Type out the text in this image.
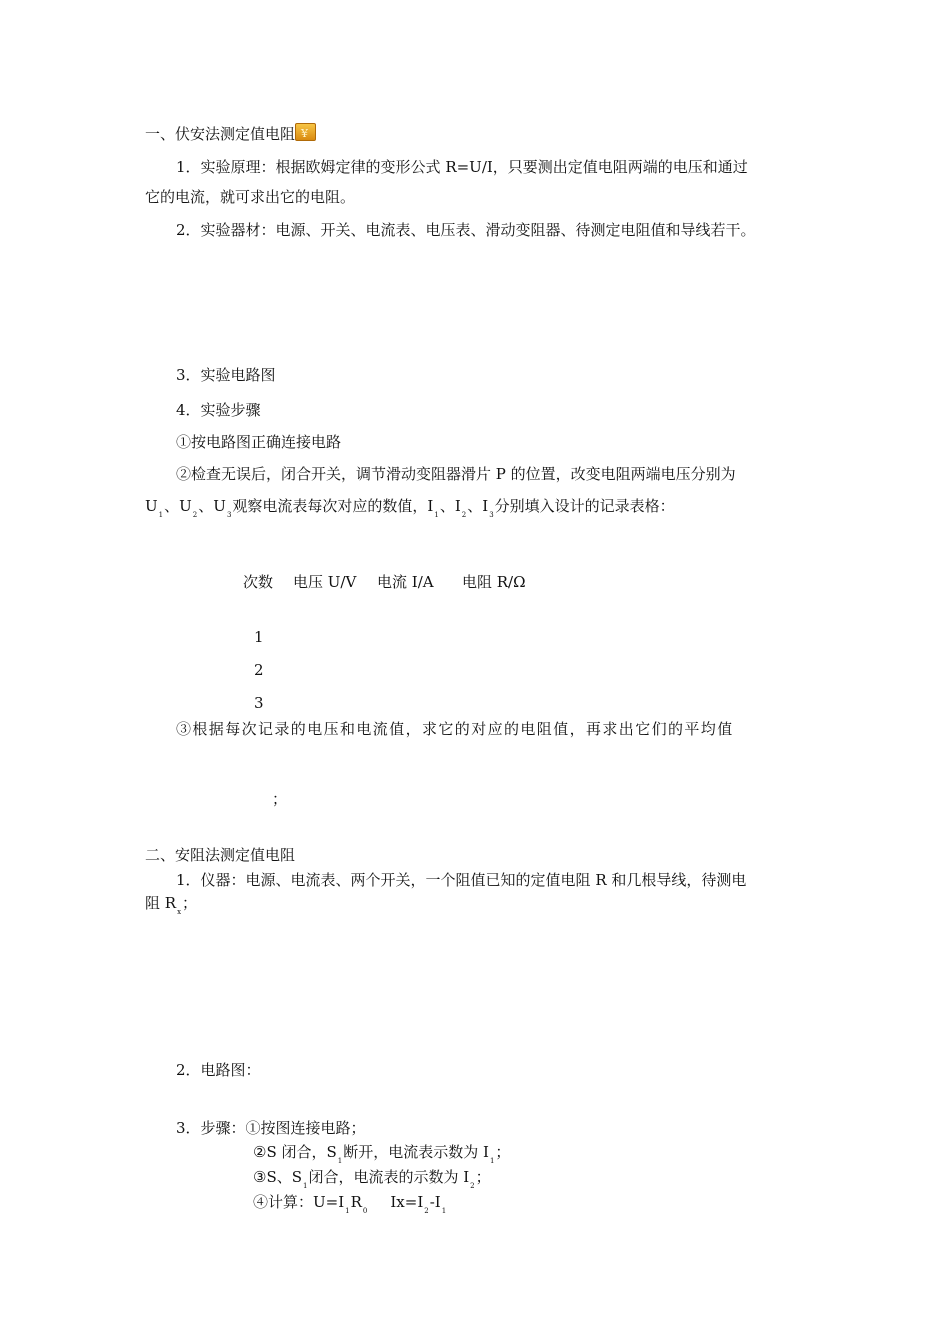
一、伏安法测定值电阻 ¥
1．实验原理：根据欧姆定律的变形公式 R=U/I，只要测出定值电阻两端的电压和通过
它的电流，就可求出它的电阻。
2．实验器材：电源、开关、电流表、电压表、滑动变阻器、待测定电阻值和导线若干。
3．实验电路图
4．实验步骤
①按电路图正确连接电路
②检查无误后，闭合开关，调节滑动变阻器滑片 P 的位置，改变电阻两端电压分别为
$U_1$、$U_2$、$U_3$观察电流表每次对应的数值，$I_1$、$I_2$、$I_3$分别填入设计的记录表格：
次数 电压 U/V 电流 I/A 电阻 R/Ω
1
2
3
③根据每次记录的电压和电流值，求它的对应的电阻值，再求出它们的平均值
；
二、安阻法测定值电阻
1．仪器：电源、电流表、两个开关，一个阻值已知的定值电阻 R 和几根导线，待测电
阻 $R_x$；
2．电路图：
3．步骤：①按图连接电路；
②S 闭合，$S_1$断开，电流表示数为 $I_1$；
③S、$S_1$闭合，电流表的示数为 $I_2$；
④计算：$U=I_1R_0$ $Ix=I_2-I_1$
